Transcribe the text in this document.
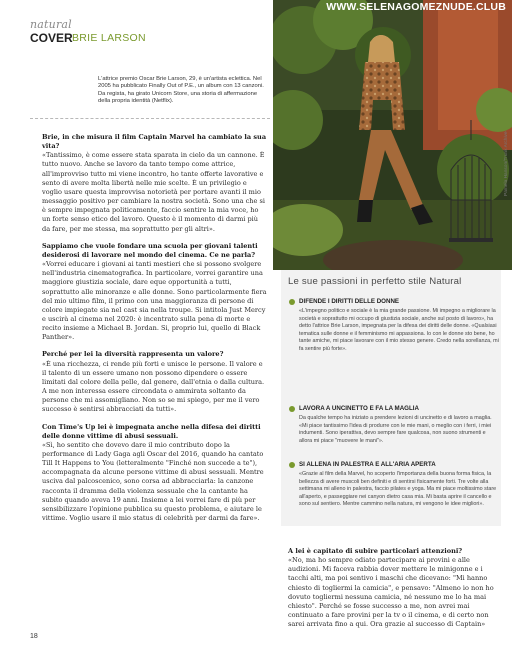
natural
COVER BRIE LARSON
L'attrice premio Oscar Brie Larson, 29, è un'artista eclettica. Nel 2005 ha pubblicato Finally Out of P.E., un album con 13 canzoni. Da regista, ha girato Unicorn Store, una storia di affermazione della propria identità (Netflix).
WWW.SELENAGOMEZNUDE.CLUB
Pamela Hanson/Trunk Archive

Brie, in che misura il film Captain Marvel ha cambiato la sua vita?

«Tantissimo, è come essere stata sparata in cielo da un cannone. È tutto nuovo. Anche se lavoro da tanto tempo come attrice, all'improvviso tutto mi viene incontro, ho tante offerte lavorative e sento di avere molta libertà nelle mie scelte. È un privilegio e voglio usare questa improvvisa notorietà per portare avanti il mio messaggio positivo per cambiare la nostra società. Sono una che si è sempre impegnata politicamente, faccio sentire la mia voce, ho un forte senso etico del lavoro. Questo è il momento di darmi più da fare, per me stessa, ma soprattutto per gli altri».

Sappiamo che vuole fondare una scuola per giovani talenti desiderosi di lavorare nel mondo del cinema. Ce ne parla?

«Vorrei educare i giovani ai tanti mestieri che si possono svolgere nell'industria cinematografica. In particolare, vorrei garantire una maggiore giustizia sociale, dare eque opportunità a tutti, soprattutto alle minoranze e alle donne. Sono particolarmente fiera del mio ultimo film, il primo con una maggioranza di persone di colore impiegate sia nel cast sia nella troupe. Si intitola Just Mercy e uscirà al cinema nel 2020: è incentrato sulla pena di morte e recito insieme a Michael B. Jordan. Si, proprio lui, quello di Black Panther».

Perché per lei la diversità rappresenta un valore?

«È una ricchezza, ci rende più forti e unisce le persone. Il valore e il talento di un essere umano non possono dipendere o essere limitati dal colore della pelle, dal genere, dall'etnia o dalla cultura. A me non interessa essere circondata o ammirata soltanto da persone che mi assomigliano. Non so se mi spiego, per me il vero successo è sentirsi abbracciati da tutti».

Con Time's Up lei è impegnata anche nella difesa dei diritti delle donne vittime di abusi sessuali.

«Sì, ho sentito che dovevo dare il mio contributo dopo la performance di Lady Gaga agli Oscar del 2016, quando ha cantato Till It Happens to You (letteralmente "Finché non succede a te"), accompagnata da alcune persone vittime di abusi sessuali. Mentre usciva dal palcoscenico, sono corsa ad abbracciarla: la canzone racconta il dramma della violenza sessuale che la cantante ha subito quando aveva 19 anni. Insieme a lei vorrei fare di più per sensibilizzare l'opinione pubblica su questo problema, e aiutare le vittime. Voglio usare il mio status di celebrità per darmi da fare».

Le sue passioni in perfetto stile Natural
DIFENDE I DIRITTI DELLE DONNE
«L'impegno politico e sociale è la mia grande passione. Mi impegno a migliorare la società e soprattutto mi occupo di giustizia sociale, anche sul posto di lavoro», ha detto l'attrice Brie Larson, impegnata per la difesa dei diritti delle donne. «Qualsiasi tematica sulle donne e il femminismo mi appassiona. Io con le donne sto bene, ho tante amiche, mi piace lavorare con il mio stesso genere. Credo nella sorellanza, mi fa sentire più forte».
LAVORA A UNCINETTO E FA LA MAGLIA
Da qualche tempo ha iniziato a prendere lezioni di uncinetto e di lavoro a maglia. «Mi piace tantissimo l'idea di produrre con le mie mani, o meglio con i ferri, i miei indumenti. Sono iperattiva, devo sempre fare qualcosa, non suono strumenti e allora mi piace "muovere le mani"».
SI ALLENA IN PALESTRA E ALL'ARIA APERTA
«Grazie al film della Marvel, ho scoperto l'importanza della buona forma fisica, la bellezza di avere muscoli ben definiti e di sentirsi fisicamente forti. Tre volte alla settimana mi alleno in palestra, faccio pilates e yoga. Ma mi piace moltissimo stare all'aperto, e passeggiare nei canyon dietro casa mia. Mi basta aprire il cancello e sono sul sentiero. Mentre cammino nella natura, mi vengono le idee migliori».

A lei è capitato di subire particolari attenzioni?

«No, ma ho sempre odiato partecipare ai provini e alle audizioni. Mi faceva rabbia dover mettere le minigonne e i tacchi alti, ma poi sentivo i maschi che dicevano: "Mi hanno chiesto di togliermi la camicia", e pensavo: "Almeno io non ho dovuto togliermi nessuna camicia, né nessuno me lo ha mai chiesto". Perché se fosse successo a me, non avrei mai continuato a fare provini per la tv o il cinema, e di certo non sarei arrivata fino a qui. Ora grazie al successo di Captain»

18
